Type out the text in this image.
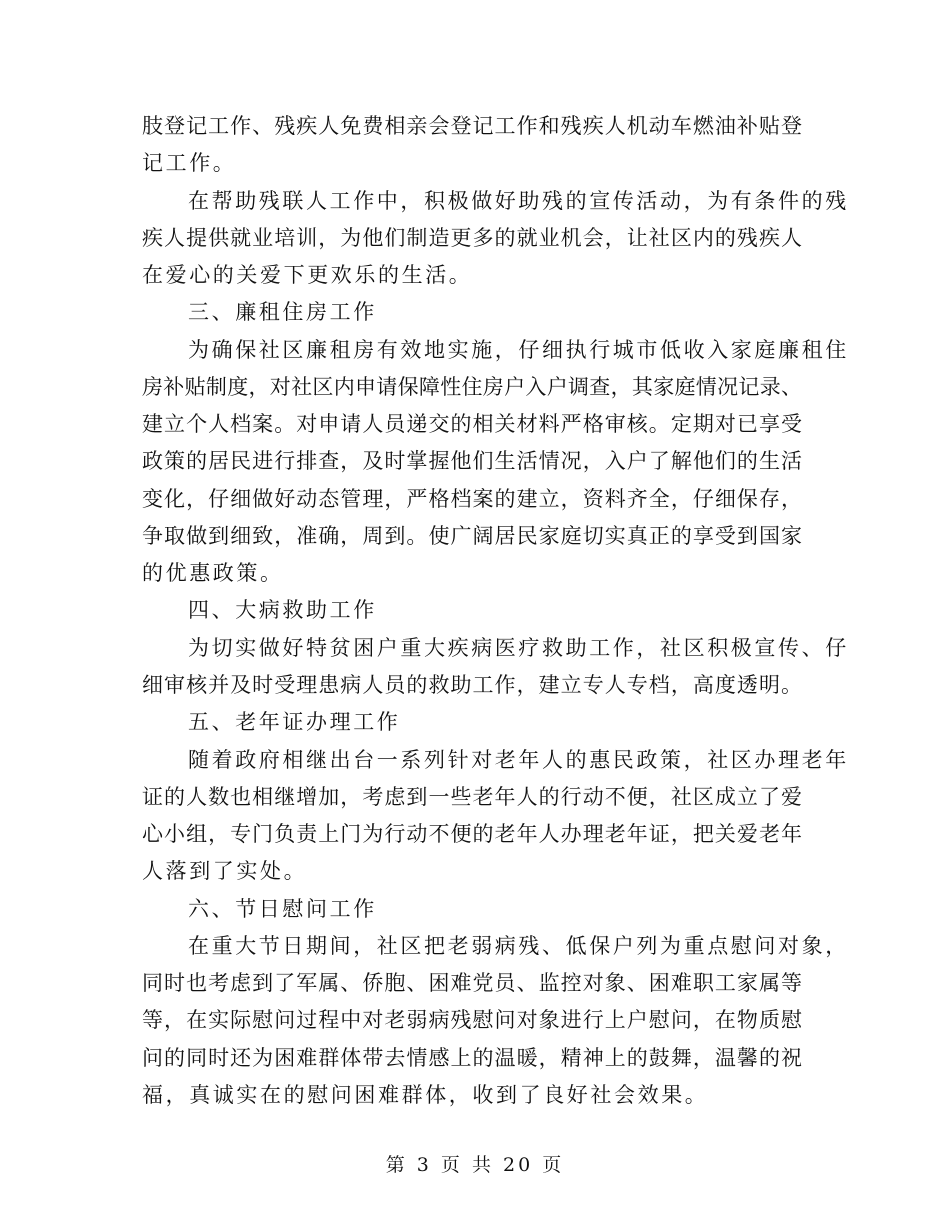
肢登记工作、残疾人免费相亲会登记工作和残疾人机动车燃油补贴登
记工作。
在帮助残联人工作中，积极做好助残的宣传活动，为有条件的残
疾人提供就业培训，为他们制造更多的就业机会，让社区内的残疾人
在爱心的关爱下更欢乐的生活。
三、廉租住房工作
为确保社区廉租房有效地实施，仔细执行城市低收入家庭廉租住
房补贴制度，对社区内申请保障性住房户入户调查，其家庭情况记录、
建立个人档案。对申请人员递交的相关材料严格审核。定期对已享受
政策的居民进行排查，及时掌握他们生活情况，入户了解他们的生活
变化，仔细做好动态管理，严格档案的建立，资料齐全，仔细保存，
争取做到细致，准确，周到。使广阔居民家庭切实真正的享受到国家
的优惠政策。
四、大病救助工作
为切实做好特贫困户重大疾病医疗救助工作，社区积极宣传、仔
细审核并及时受理患病人员的救助工作，建立专人专档，高度透明。
五、老年证办理工作
随着政府相继出台一系列针对老年人的惠民政策，社区办理老年
证的人数也相继增加，考虑到一些老年人的行动不便，社区成立了爱
心小组，专门负责上门为行动不便的老年人办理老年证，把关爱老年
人落到了实处。
六、节日慰问工作
在重大节日期间，社区把老弱病残、低保户列为重点慰问对象，
同时也考虑到了军属、侨胞、困难党员、监控对象、困难职工家属等
等，在实际慰问过程中对老弱病残慰问对象进行上户慰问，在物质慰
问的同时还为困难群体带去情感上的温暖，精神上的鼓舞，温馨的祝
福，真诚实在的慰问困难群体，收到了良好社会效果。
第 3 页 共 20 页
